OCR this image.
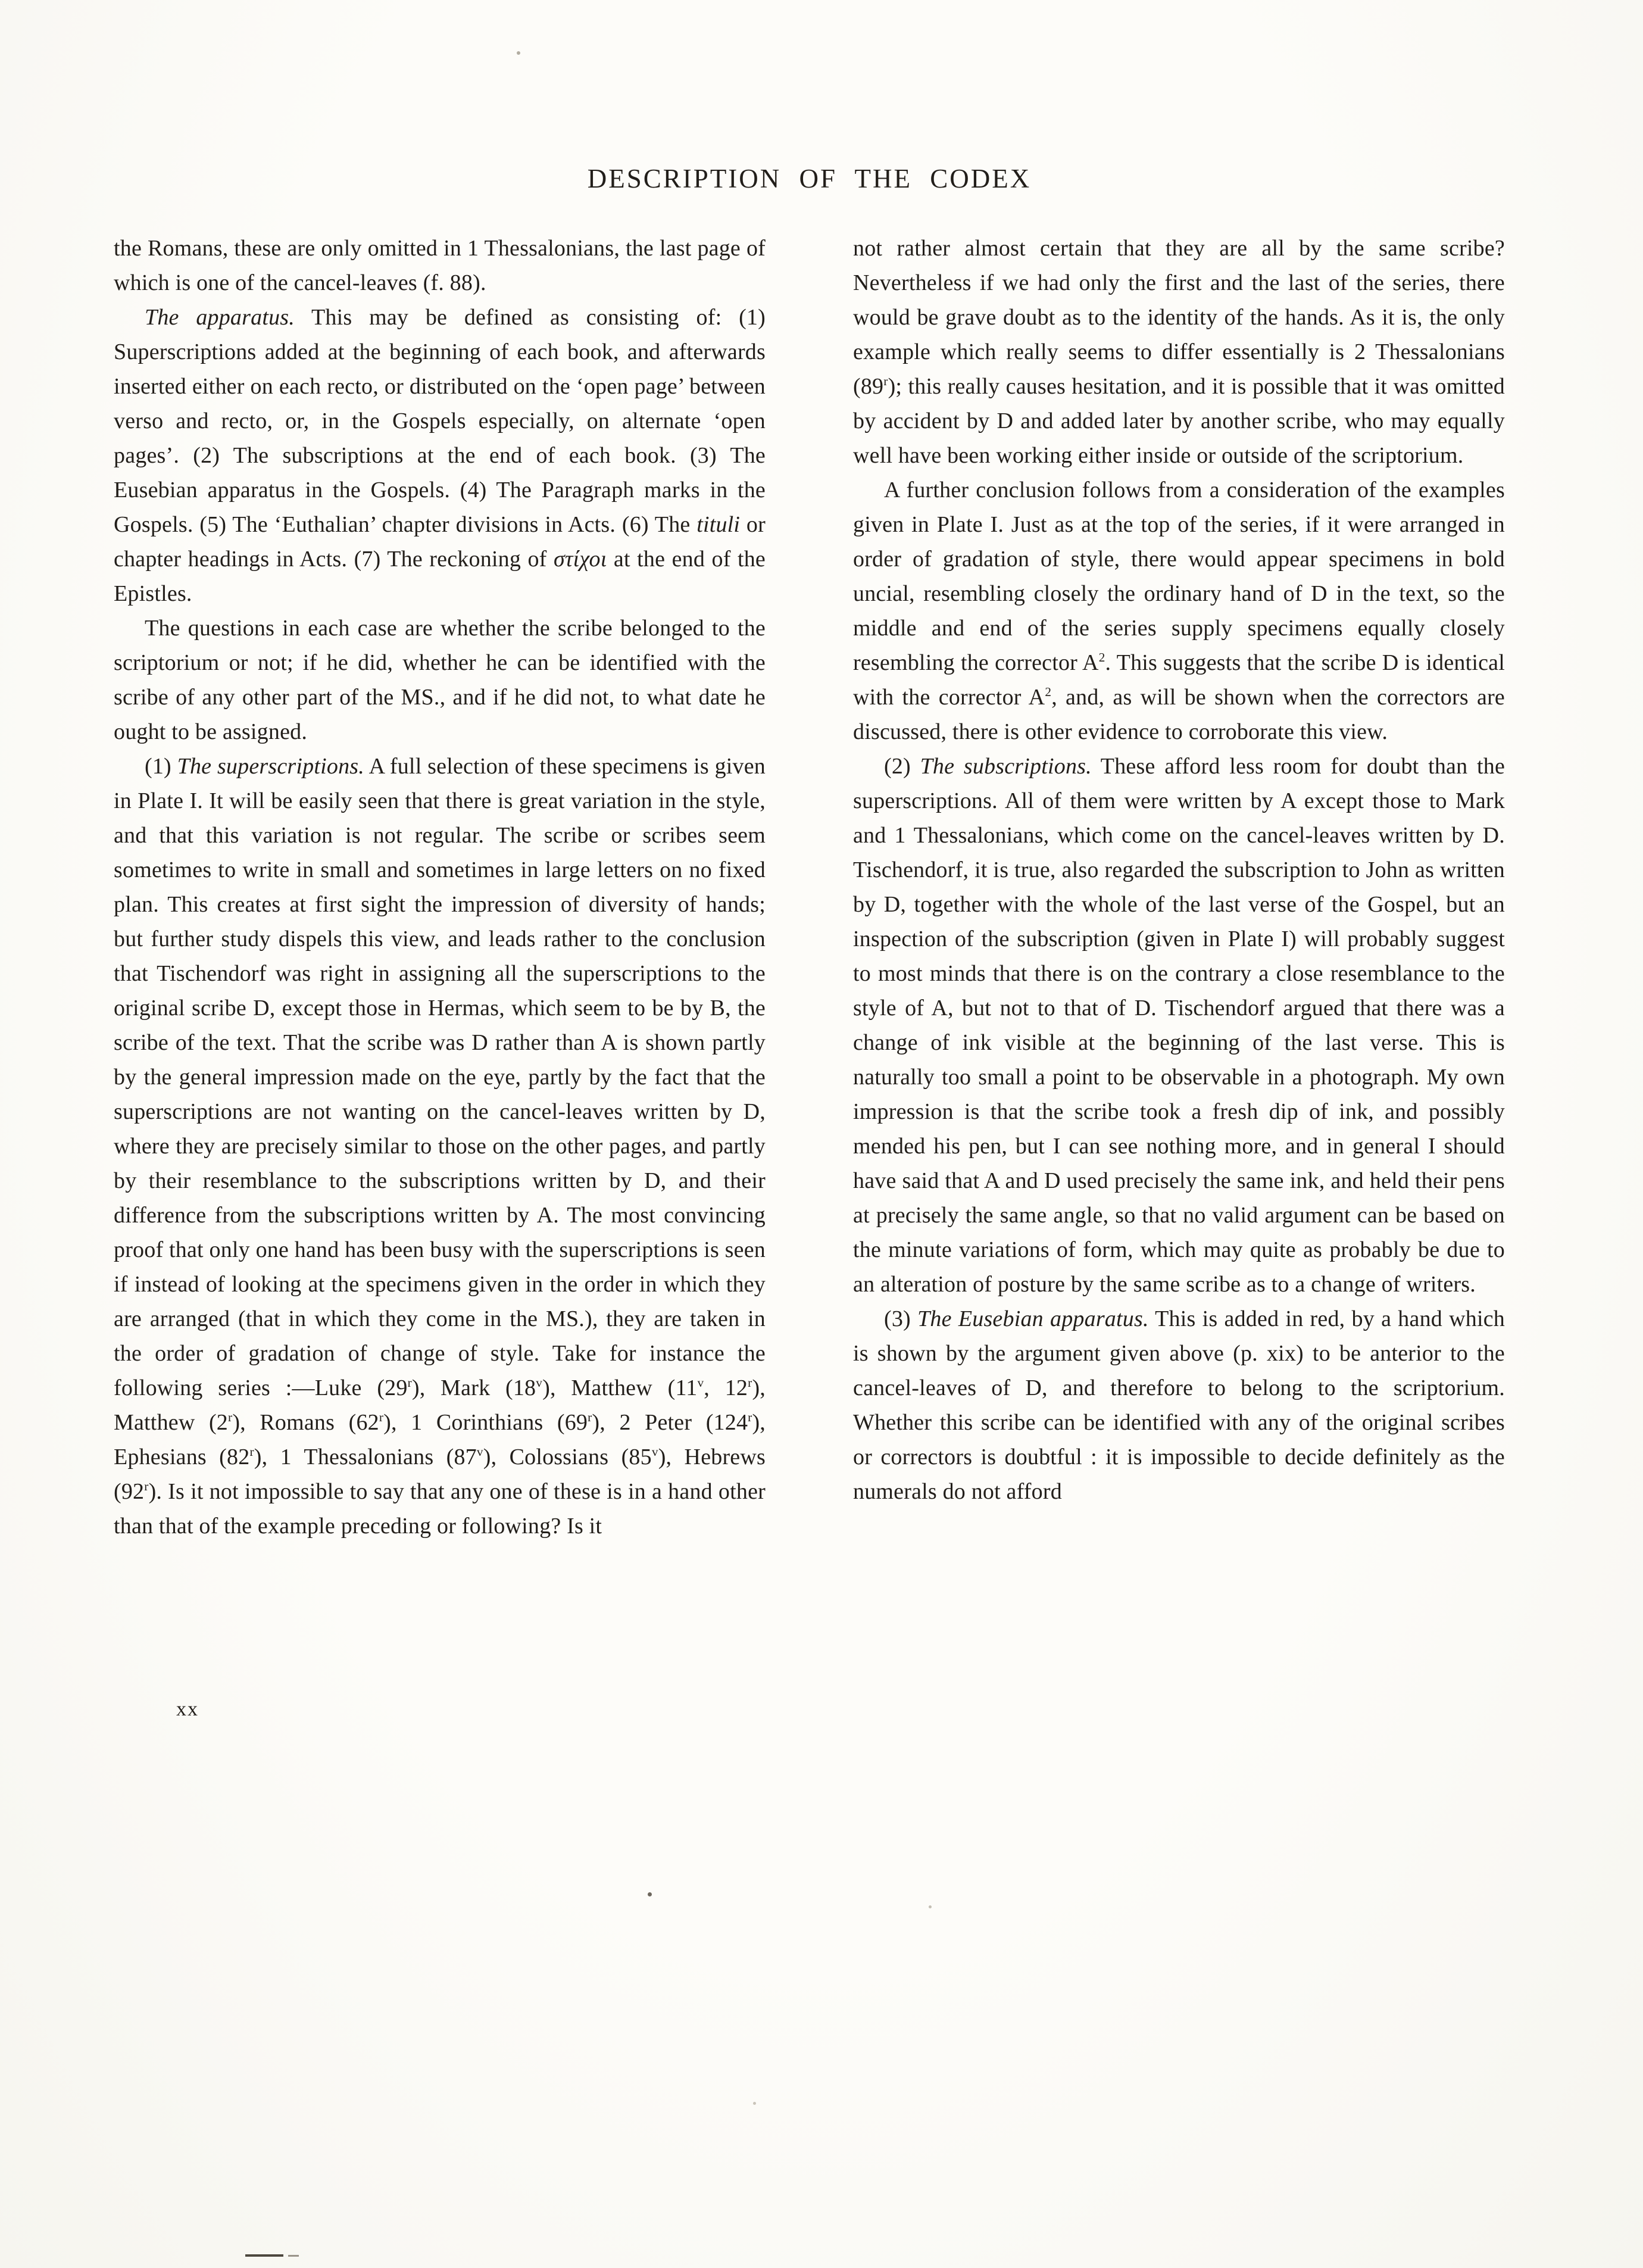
DESCRIPTION OF THE CODEX

the Romans, these are only omitted in 1 Thessalonians, the last page of which is one of the cancel-leaves (f. 88).

The apparatus. This may be defined as consisting of: (1) Superscriptions added at the beginning of each book, and afterwards inserted either on each recto, or distributed on the ‘open page’ between verso and recto, or, in the Gospels especially, on alternate ‘open pages’. (2) The subscriptions at the end of each book. (3) The Eusebian apparatus in the Gospels. (4) The Paragraph marks in the Gospels. (5) The ‘Euthalian’ chapter divisions in Acts. (6) The tituli or chapter headings in Acts. (7) The reckoning of στίχοι at the end of the Epistles.

The questions in each case are whether the scribe belonged to the scriptorium or not; if he did, whether he can be identified with the scribe of any other part of the MS., and if he did not, to what date he ought to be assigned.

(1) The superscriptions. A full selection of these specimens is given in Plate I. It will be easily seen that there is great variation in the style, and that this variation is not regular. The scribe or scribes seem sometimes to write in small and sometimes in large letters on no fixed plan. This creates at first sight the impression of diversity of hands; but further study dispels this view, and leads rather to the conclusion that Tischendorf was right in assigning all the superscriptions to the original scribe D, except those in Hermas, which seem to be by B, the scribe of the text. That the scribe was D rather than A is shown partly by the general impression made on the eye, partly by the fact that the superscriptions are not wanting on the cancel-leaves written by D, where they are precisely similar to those on the other pages, and partly by their resemblance to the subscriptions written by D, and their difference from the subscriptions written by A. The most convincing proof that only one hand has been busy with the superscriptions is seen if instead of looking at the specimens given in the order in which they are arranged (that in which they come in the MS.), they are taken in the order of gradation of change of style. Take for instance the following series :—Luke (29$^r$), Mark (18$^v$), Matthew (11$^v$, 12$^r$), Matthew (2$^r$), Romans (62$^r$), 1 Corinthians (69$^r$), 2 Peter (124$^r$), Ephesians (82$^r$), 1 Thessalonians (87$^v$), Colossians (85$^v$), Hebrews (92$^r$). Is it not impossible to say that any one of these is in a hand other than that of the example preceding or following? Is it

not rather almost certain that they are all by the same scribe? Nevertheless if we had only the first and the last of the series, there would be grave doubt as to the identity of the hands. As it is, the only example which really seems to differ essentially is 2 Thessalonians (89$^r$); this really causes hesitation, and it is possible that it was omitted by accident by D and added later by another scribe, who may equally well have been working either inside or outside of the scriptorium.

A further conclusion follows from a consideration of the examples given in Plate I. Just as at the top of the series, if it were arranged in order of gradation of style, there would appear specimens in bold uncial, resembling closely the ordinary hand of D in the text, so the middle and end of the series supply specimens equally closely resembling the corrector $A^2$. This suggests that the scribe D is identical with the corrector $A^2$, and, as will be shown when the correctors are discussed, there is other evidence to corroborate this view.

(2) The subscriptions. These afford less room for doubt than the superscriptions. All of them were written by A except those to Mark and 1 Thessalonians, which come on the cancel-leaves written by D. Tischendorf, it is true, also regarded the subscription to John as written by D, together with the whole of the last verse of the Gospel, but an inspection of the subscription (given in Plate I) will probably suggest to most minds that there is on the contrary a close resemblance to the style of A, but not to that of D. Tischendorf argued that there was a change of ink visible at the beginning of the last verse. This is naturally too small a point to be observable in a photograph. My own impression is that the scribe took a fresh dip of ink, and possibly mended his pen, but I can see nothing more, and in general I should have said that A and D used precisely the same ink, and held their pens at precisely the same angle, so that no valid argument can be based on the minute variations of form, which may quite as probably be due to an alteration of posture by the same scribe as to a change of writers.

(3) The Eusebian apparatus. This is added in red, by a hand which is shown by the argument given above (p. xix) to be anterior to the cancel-leaves of D, and therefore to belong to the scriptorium. Whether this scribe can be identified with any of the original scribes or correctors is doubtful : it is impossible to decide definitely as the numerals do not afford

xx
